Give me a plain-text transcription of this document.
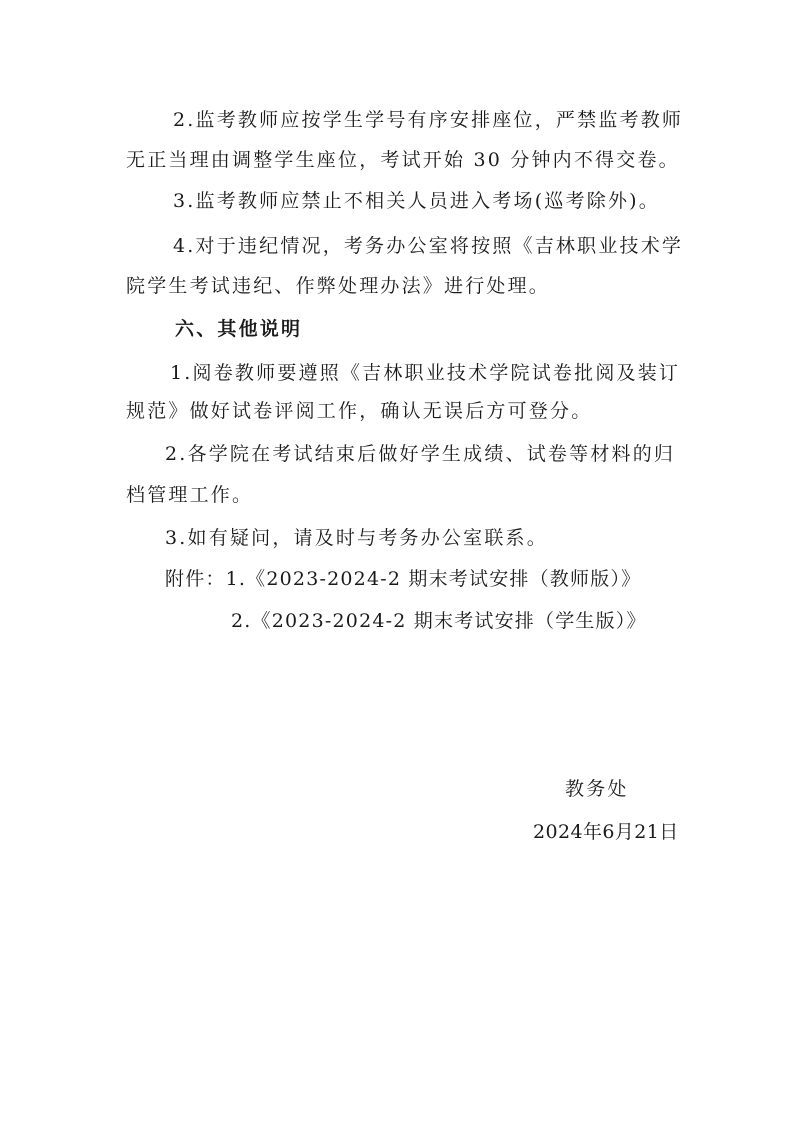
2.监考教师应按学生学号有序安排座位，严禁监考教师
无正当理由调整学生座位，考试开始 30 分钟内不得交卷。
3.监考教师应禁止不相关人员进入考场(巡考除外)。
4.对于违纪情况，考务办公室将按照《吉林职业技术学
院学生考试违纪、作弊处理办法》进行处理。
六、其他说明
1.阅卷教师要遵照《吉林职业技术学院试卷批阅及装订
规范》做好试卷评阅工作，确认无误后方可登分。
2.各学院在考试结束后做好学生成绩、试卷等材料的归
档管理工作。
3.如有疑问，请及时与考务办公室联系。
附件：1.《2023-2024-2 期末考试安排（教师版）》
2.《2023-2024-2 期末考试安排（学生版）》
教务处
2024年6月21日
